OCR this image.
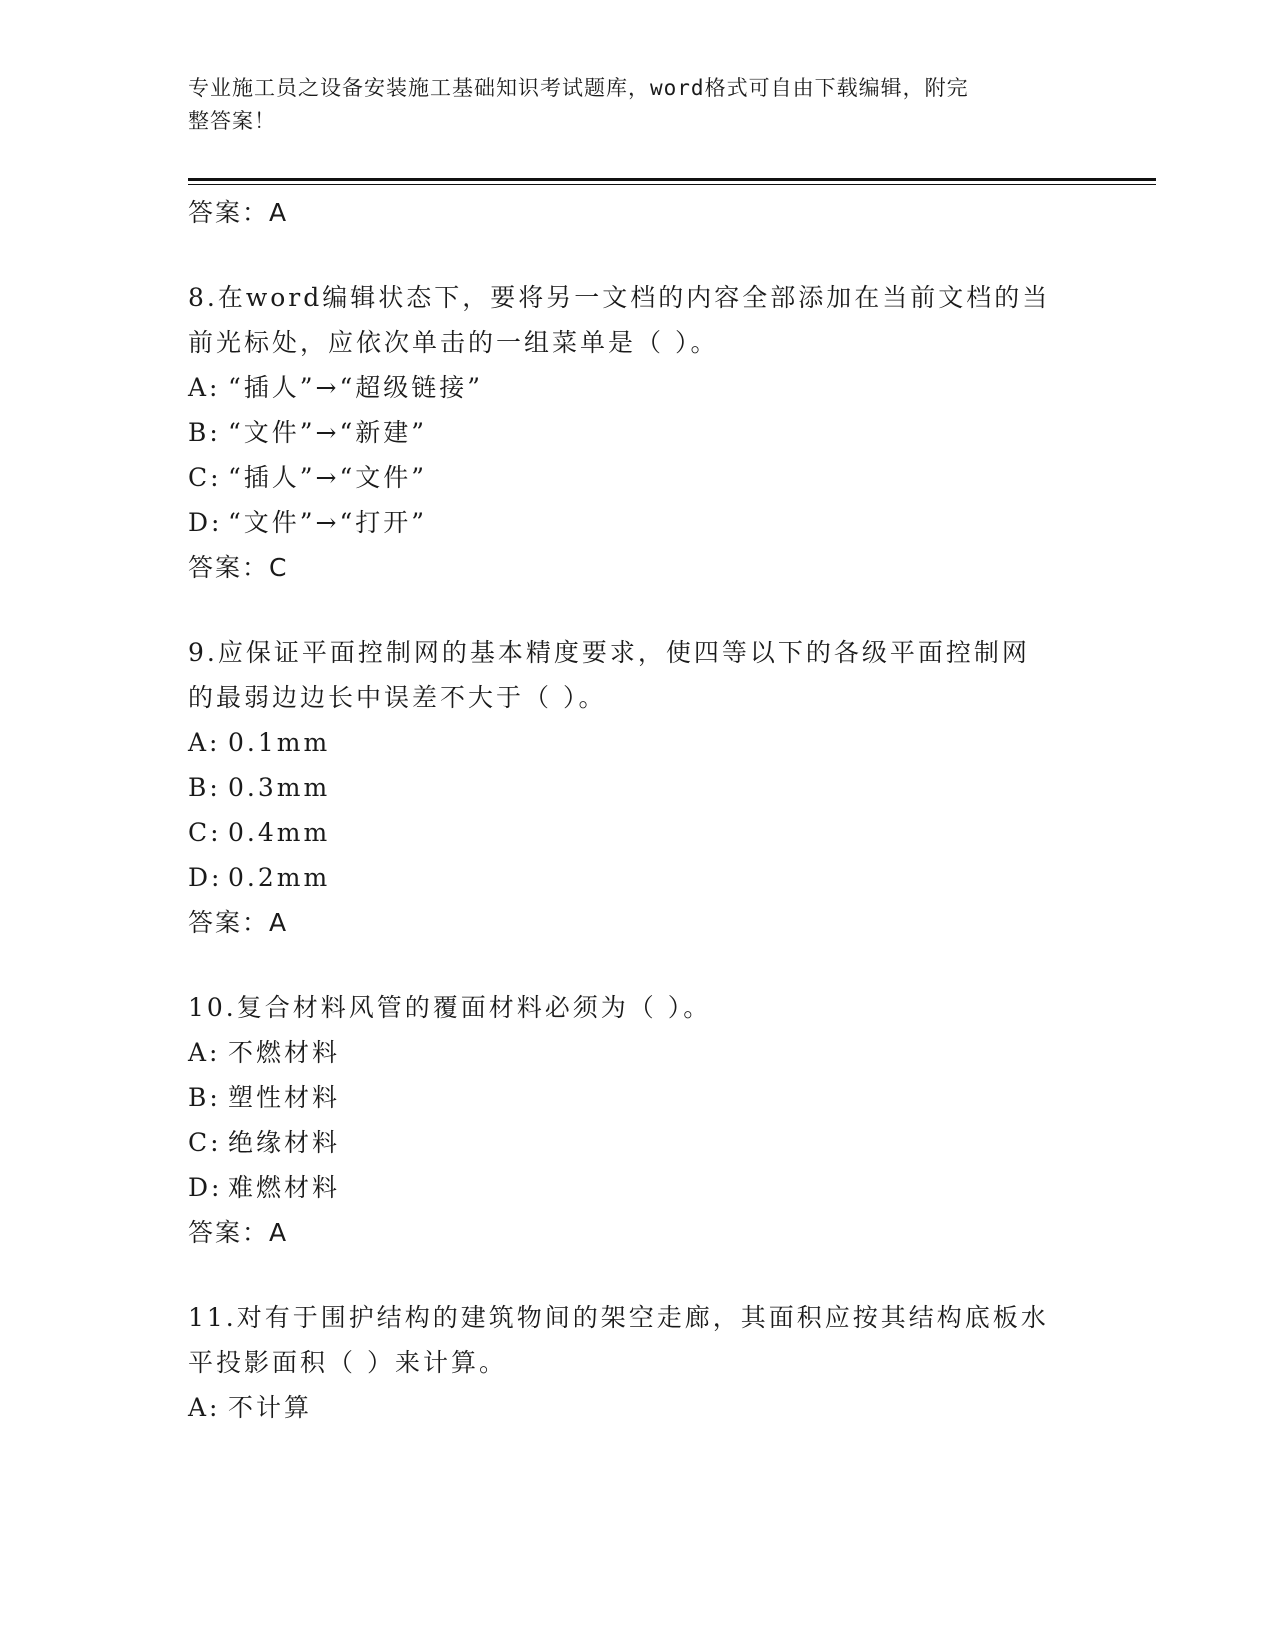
专业施工员之设备安装施工基础知识考试题库，word格式可自由下载编辑，附完
整答案！
答案：A
8.在word编辑状态下，要将另一文档的内容全部添加在当前文档的当
前光标处，应依次单击的一组菜单是（ ）。
A: “插人”→“超级链接”
B: “文件”→“新建”
C: “插人”→“文件”
D: “文件”→“打开”
答案：C
9.应保证平面控制网的基本精度要求，使四等以下的各级平面控制网
的最弱边边长中误差不大于（ ）。
A: 0.1mm
B: 0.3mm
C: 0.4mm
D: 0.2mm
答案：A
10.复合材料风管的覆面材料必须为（ ）。
A: 不燃材料
B: 塑性材料
C: 绝缘材料
D: 难燃材料
答案：A
11.对有于围护结构的建筑物间的架空走廊，其面积应按其结构底板水
平投影面积（ ）来计算。
A: 不计算
